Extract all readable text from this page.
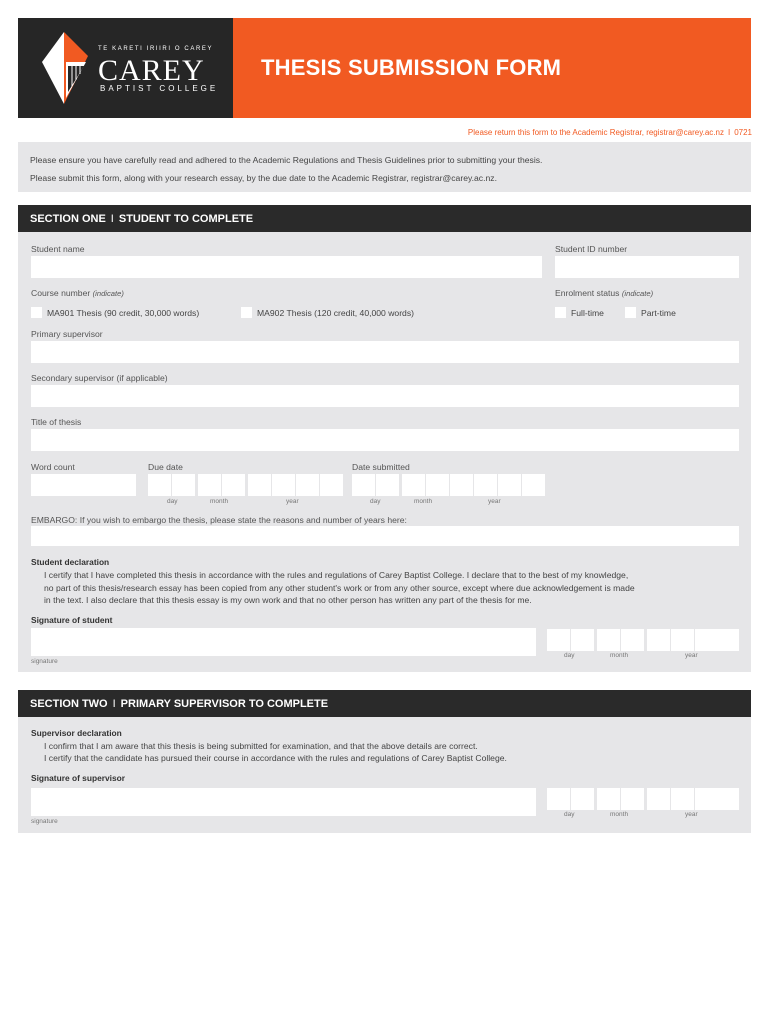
TE KARETI IRIIRI O CAREY
CAREY
BAPTIST COLLEGE
THESIS SUBMISSION FORM
Please return this form to the Academic Registrar, registrar@carey.ac.nz I 0721
Please ensure you have carefully read and adhered to the Academic Regulations and Thesis Guidelines prior to submitting your thesis.
Please submit this form, along with your research essay, by the due date to the Academic Registrar, registrar@carey.ac.nz.
SECTION ONE I STUDENT TO COMPLETE
Student name	Student ID number
Course number (indicate)	Enrolment status (indicate)
MA901 Thesis (90 credit, 30,000 words)	MA902 Thesis (120 credit, 40,000 words)	Full-time	Part-time
Primary supervisor
Secondary supervisor (if applicable)
Title of thesis
Word count	Due date	Date submitted
day	month	year	day	month	year
EMBARGO: If you wish to embargo the thesis, please state the reasons and number of years here:
Student declaration
I certify that I have completed this thesis in accordance with the rules and regulations of Carey Baptist College. I declare that to the best of my knowledge,
no part of this thesis/research essay has been copied from any other student's work or from any other source, except where due acknowledgement is made
in the text. I also declare that this thesis essay is my own work and that no other person has written any part of the thesis for me.
Signature of student
signature
day	month	year
SECTION TWO I PRIMARY SUPERVISOR TO COMPLETE
Supervisor declaration
I confirm that I am aware that this thesis is being submitted for examination, and that the above details are correct.
I certify that the candidate has pursued their course in accordance with the rules and regulations of Carey Baptist College.
Signature of supervisor
signature
day	month	year
